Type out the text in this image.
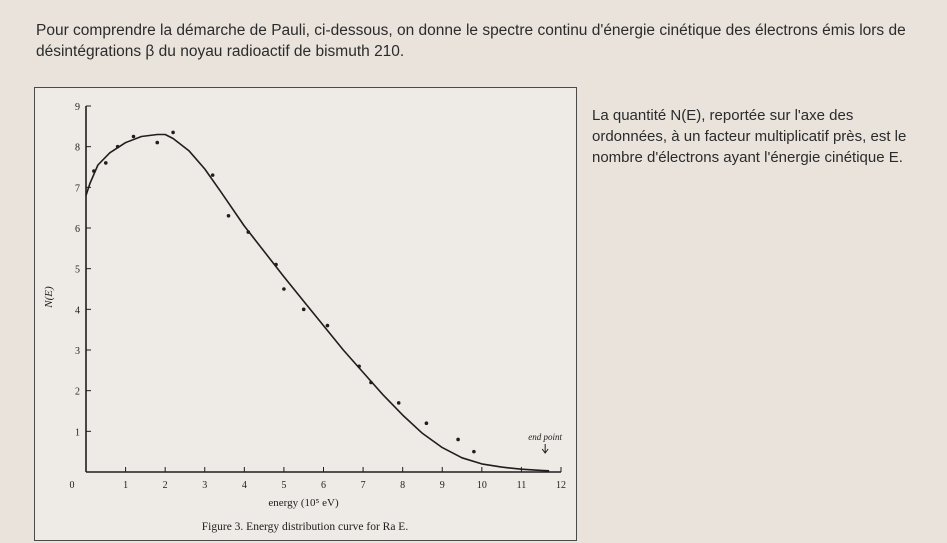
Pour comprendre la démarche de Pauli, ci-dessous, on donne le spectre continu d'énergie cinétique des électrons émis lors de désintégrations β du noyau radioactif de bismuth 210.

0	1	2	3	4	5	6	7	8	9	10	11	12
1
2
3
4
5
6
7
8
9
end point
energy (10⁵ eV)
N(E)
Figure 3. Energy distribution curve for Ra E.

La quantité N(E), reportée sur l'axe des ordonnées, à un facteur multiplicatif près, est le nombre d'électrons ayant l'énergie cinétique E.
